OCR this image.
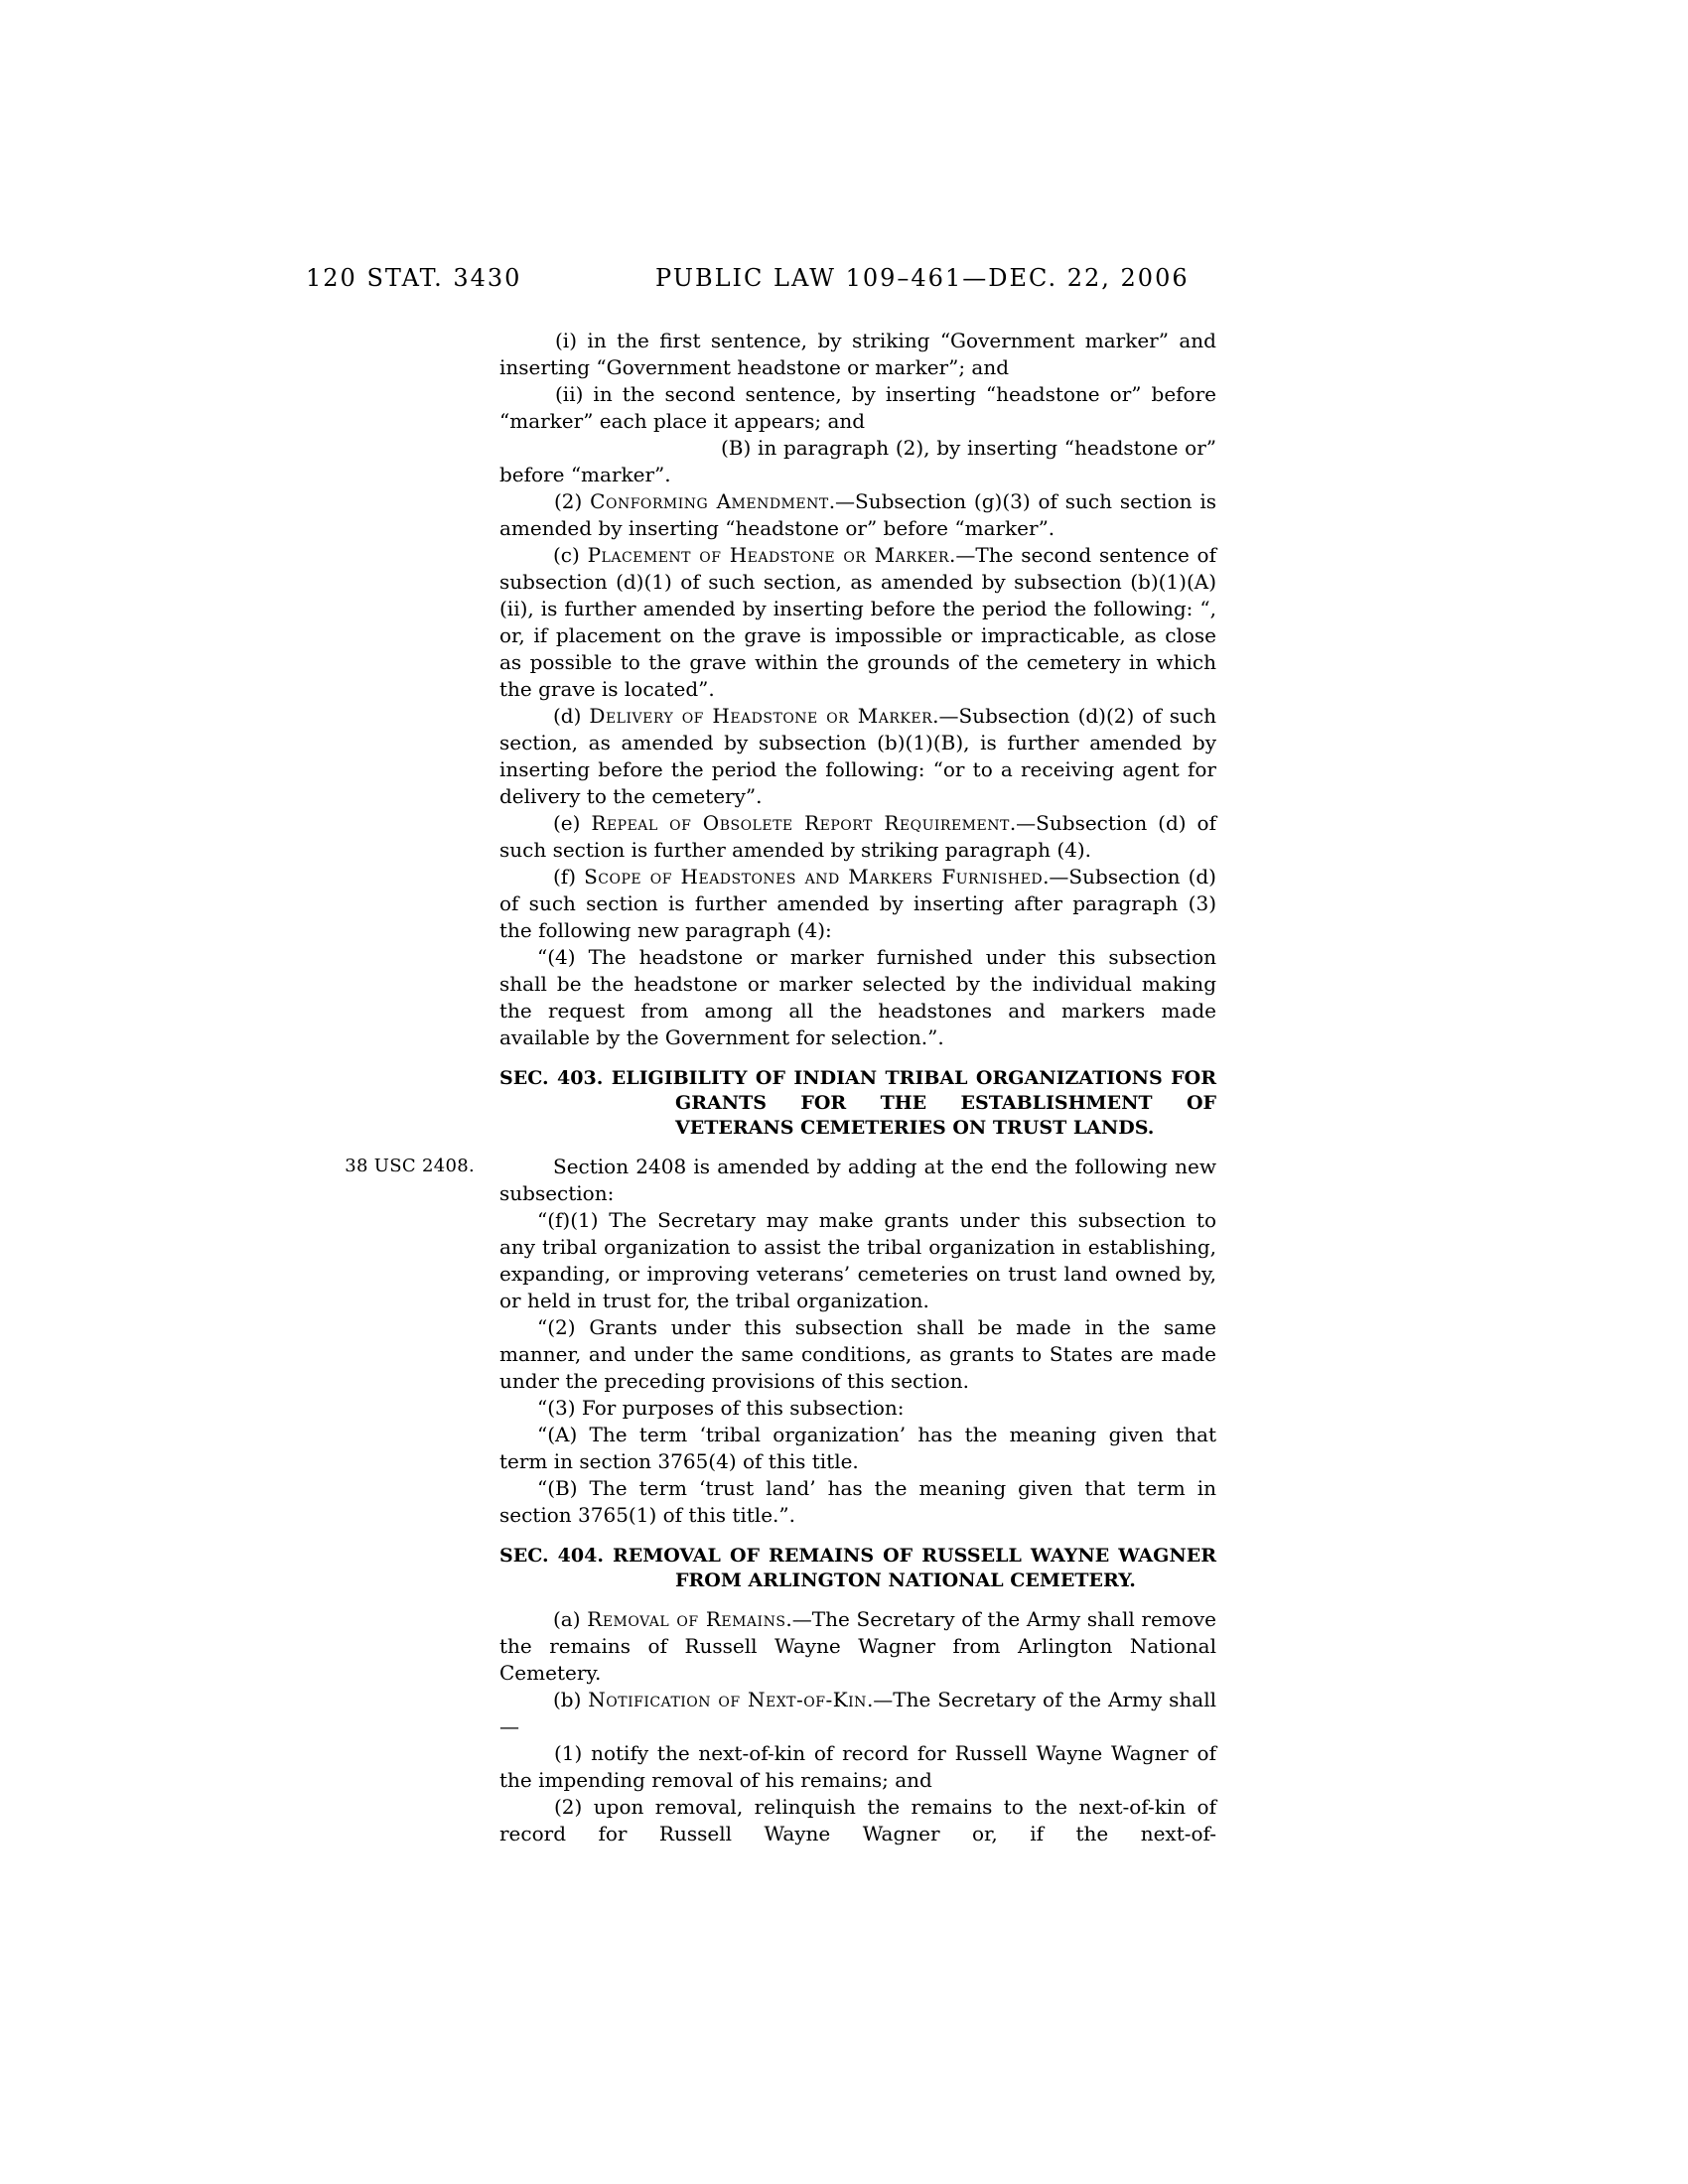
120 STAT. 3430	PUBLIC LAW 109–461—DEC. 22, 2006

(i) in the first sentence, by striking “Government marker” and inserting “Government headstone or marker”; and

(ii) in the second sentence, by inserting “headstone or” before “marker” each place it appears; and

(B) in paragraph (2), by inserting “headstone or” before “marker”.

(2) Conforming Amendment.—Subsection (g)(3) of such section is amended by inserting “headstone or” before “marker”.

(c) Placement of Headstone or Marker.—The second sentence of subsection (d)(1) of such section, as amended by subsection (b)(1)(A)(ii), is further amended by inserting before the period the following: “, or, if placement on the grave is impossible or impracticable, as close as possible to the grave within the grounds of the cemetery in which the grave is located”.

(d) Delivery of Headstone or Marker.—Subsection (d)(2) of such section, as amended by subsection (b)(1)(B), is further amended by inserting before the period the following: “or to a receiving agent for delivery to the cemetery”.

(e) Repeal of Obsolete Report Requirement.—Subsection (d) of such section is further amended by striking paragraph (4).

(f) Scope of Headstones and Markers Furnished.—Subsection (d) of such section is further amended by inserting after paragraph (3) the following new paragraph (4):

“(4) The headstone or marker furnished under this subsection shall be the headstone or marker selected by the individual making the request from among all the headstones and markers made available by the Government for selection.”.

SEC. 403. ELIGIBILITY OF INDIAN TRIBAL ORGANIZATIONS FOR GRANTS FOR THE ESTABLISHMENT OF VETERANS CEMETERIES ON TRUST LANDS.

Section 2408 is amended by adding at the end the following new subsection:
38 USC 2408.

“(f)(1) The Secretary may make grants under this subsection to any tribal organization to assist the tribal organization in establishing, expanding, or improving veterans’ cemeteries on trust land owned by, or held in trust for, the tribal organization.

“(2) Grants under this subsection shall be made in the same manner, and under the same conditions, as grants to States are made under the preceding provisions of this section.

“(3) For purposes of this subsection:

“(A) The term ‘tribal organization’ has the meaning given that term in section 3765(4) of this title.

“(B) The term ‘trust land’ has the meaning given that term in section 3765(1) of this title.”.

SEC. 404. REMOVAL OF REMAINS OF RUSSELL WAYNE WAGNER FROM ARLINGTON NATIONAL CEMETERY.

(a) Removal of Remains.—The Secretary of the Army shall remove the remains of Russell Wayne Wagner from Arlington National Cemetery.

(b) Notification of Next-of-Kin.—The Secretary of the Army shall—

(1) notify the next-of-kin of record for Russell Wayne Wagner of the impending removal of his remains; and

(2) upon removal, relinquish the remains to the next-of-kin of record for Russell Wayne Wagner or, if the next-of-
